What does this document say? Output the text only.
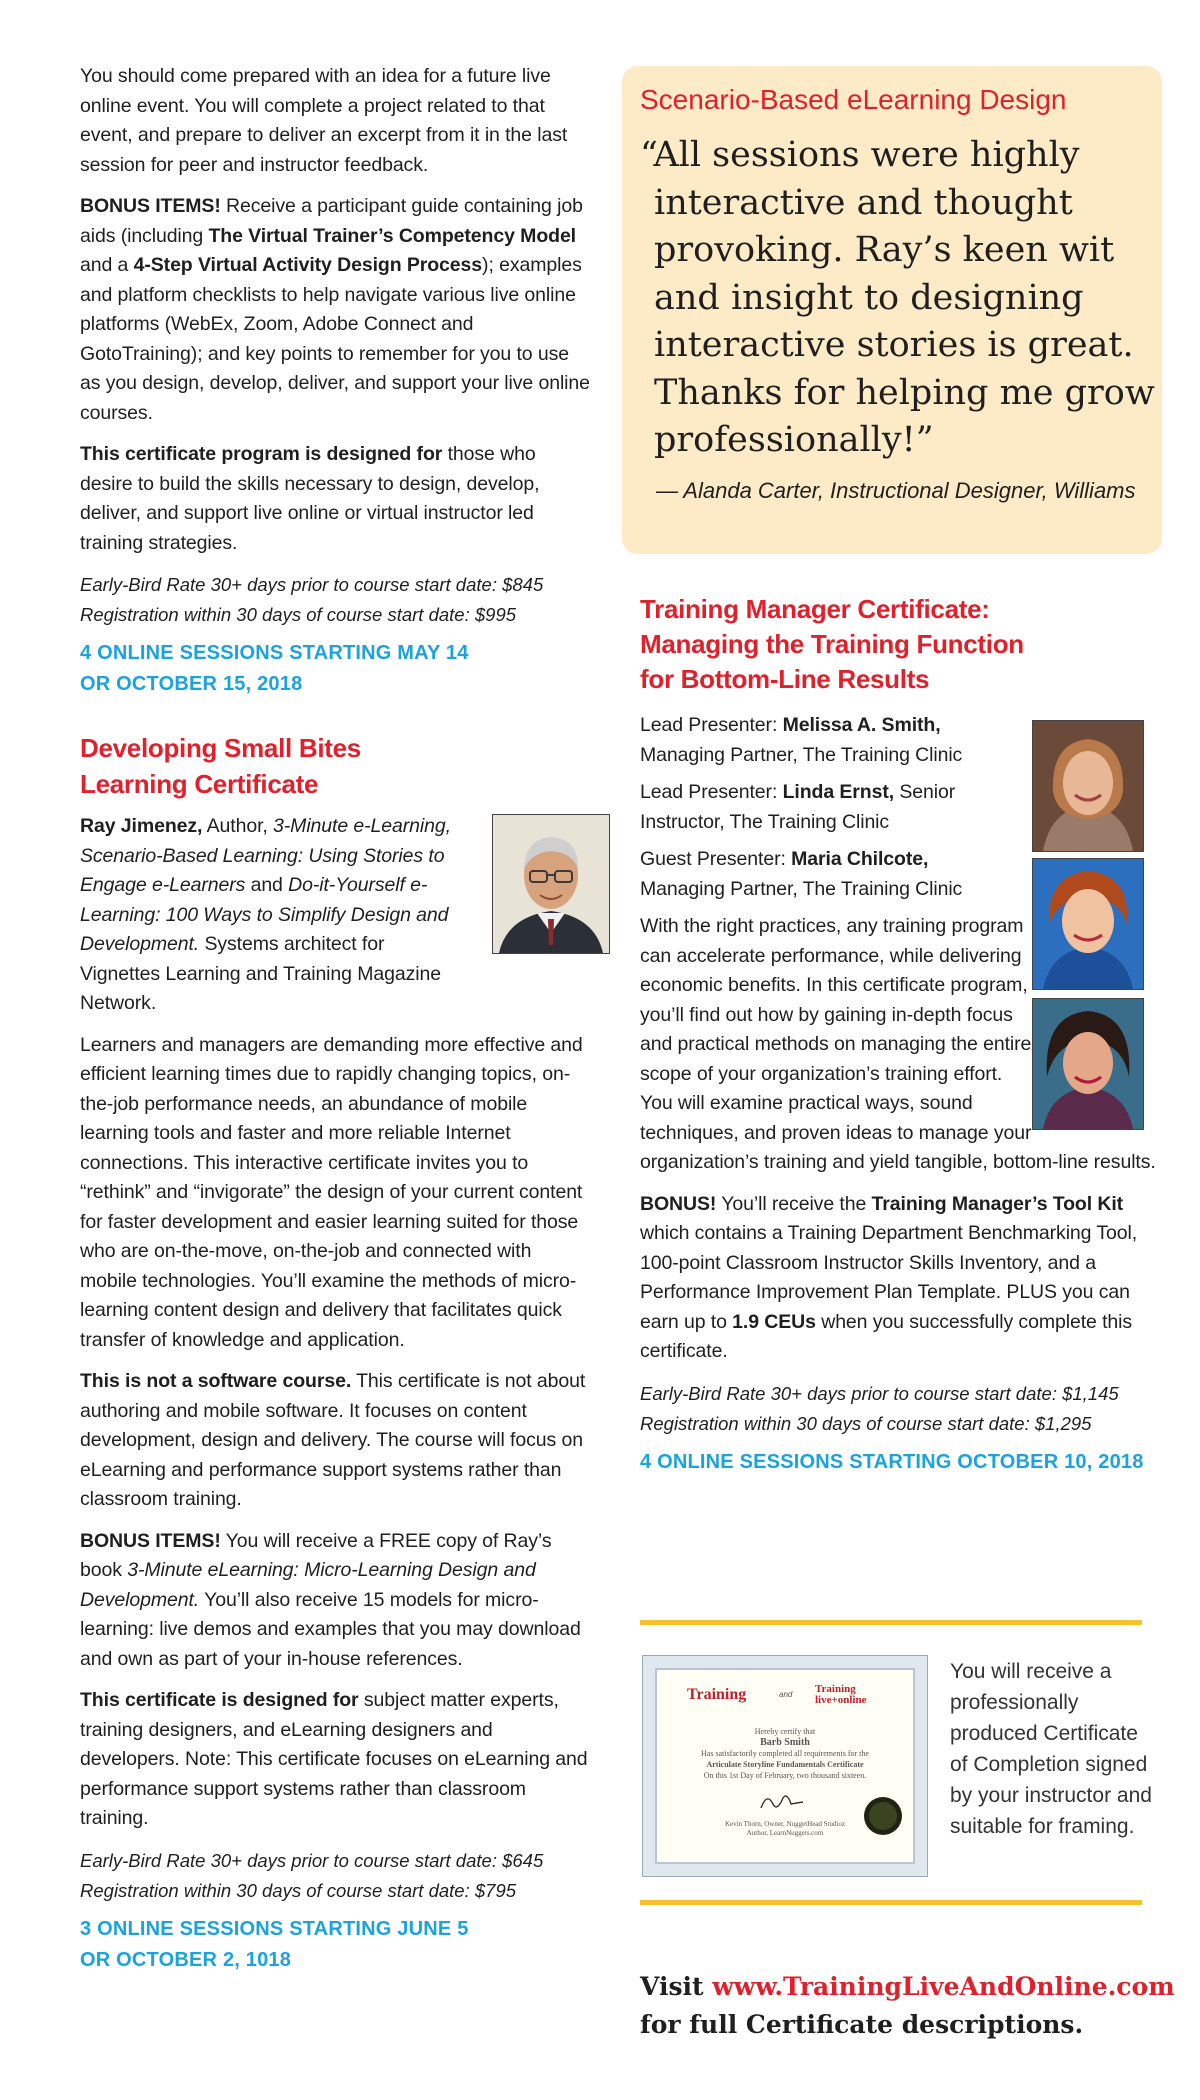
You should come prepared with an idea for a future live online event. You will complete a project related to that event, and prepare to deliver an excerpt from it in the last session for peer and instructor feedback.

BONUS ITEMS! Receive a participant guide containing job aids (including The Virtual Trainer’s Competency Model and a 4-Step Virtual Activity Design Process); examples and platform checklists to help navigate various live online platforms (WebEx, Zoom, Adobe Connect and GotoTraining); and key points to remember for you to use as you design, develop, deliver, and support your live online courses.

This certificate program is designed for those who desire to build the skills necessary to design, develop, deliver, and support live online or virtual instructor led training strategies.

Early-Bird Rate 30+ days prior to course start date: $845
Registration within 30 days of course start date: $995
4 ONLINE SESSIONS STARTING MAY 14
OR OCTOBER 15, 2018
Developing Small Bites
Learning Certificate

Ray Jimenez, Author, 3-Minute e-Learning, Scenario-Based Learning: Using Stories to Engage e-Learners and Do-it-Yourself e-Learning: 100 Ways to Simplify Design and Development. Systems architect for Vignettes Learning and Training Magazine Network.

Learners and managers are demanding more effective and efficient learning times due to rapidly changing topics, on-the-job performance needs, an abundance of mobile learning tools and faster and more reliable Internet connections. This interactive certificate invites you to “rethink” and “invigorate” the design of your current content for faster development and easier learning suited for those who are on-the-move, on-the-job and connected with mobile technologies. You’ll examine the methods of micro-learning content design and delivery that facilitates quick transfer of knowledge and application.

This is not a software course. This certificate is not about authoring and mobile software. It focuses on content development, design and delivery. The course will focus on eLearning and performance support systems rather than classroom training.

BONUS ITEMS! You will receive a FREE copy of Ray’s book 3-Minute eLearning: Micro-Learning Design and Development. You’ll also receive 15 models for micro-learning: live demos and examples that you may download and own as part of your in-house references.

This certificate is designed for subject matter experts, training designers, and eLearning designers and developers. Note: This certificate focuses on eLearning and performance support systems rather than classroom training.

Early-Bird Rate 30+ days prior to course start date: $645
Registration within 30 days of course start date: $795
3 ONLINE SESSIONS STARTING JUNE 5
OR OCTOBER 2, 1018
Scenario-Based eLearning Design
“All sessions were highly interactive and thought provoking. Ray’s keen wit and insight to designing interactive stories is great. Thanks for helping me grow professionally!”
— Alanda Carter, Instructional Designer, Williams
Training Manager Certificate:
Managing the Training Function
for Bottom-Line Results

Lead Presenter: Melissa A. Smith,
Managing Partner, The Training Clinic

Lead Presenter: Linda Ernst, Senior
Instructor, The Training Clinic

Guest Presenter: Maria Chilcote,
Managing Partner, The Training Clinic

With the right practices, any training program can accelerate performance, while delivering economic benefits. In this certificate program, you’ll find out how by gaining in-depth focus and practical methods on managing the entire scope of your organization’s training effort. You will examine practical ways, sound techniques, and proven ideas to manage your organization’s training and yield tangible, bottom-line results.

BONUS! You’ll receive the Training Manager’s Tool Kit which contains a Training Department Benchmarking Tool, 100-point Classroom Instructor Skills Inventory, and a Performance Improvement Plan Template. PLUS you can earn up to 1.9 CEUs when you successfully complete this certificate.

Early-Bird Rate 30+ days prior to course start date: $1,145
Registration within 30 days of course start date: $1,295
4 ONLINE SESSIONS STARTING OCTOBER 10, 2018
Training	and Training live+online
Hereby certify that
Barb Smith
Has satisfactorily completed all requirements for the
Articulate Storyline Fundamentals Certificate
On this 1st Day of February, two thousand sixteen.
Kevin Thorn, Owner, NuggetHead Studioz
Author, LearnNuggets.com
You will receive a professionally produced Certificate of Completion signed by your instructor and suitable for framing.
Visit www.TrainingLiveAndOnline.com
for full Certificate descriptions.
